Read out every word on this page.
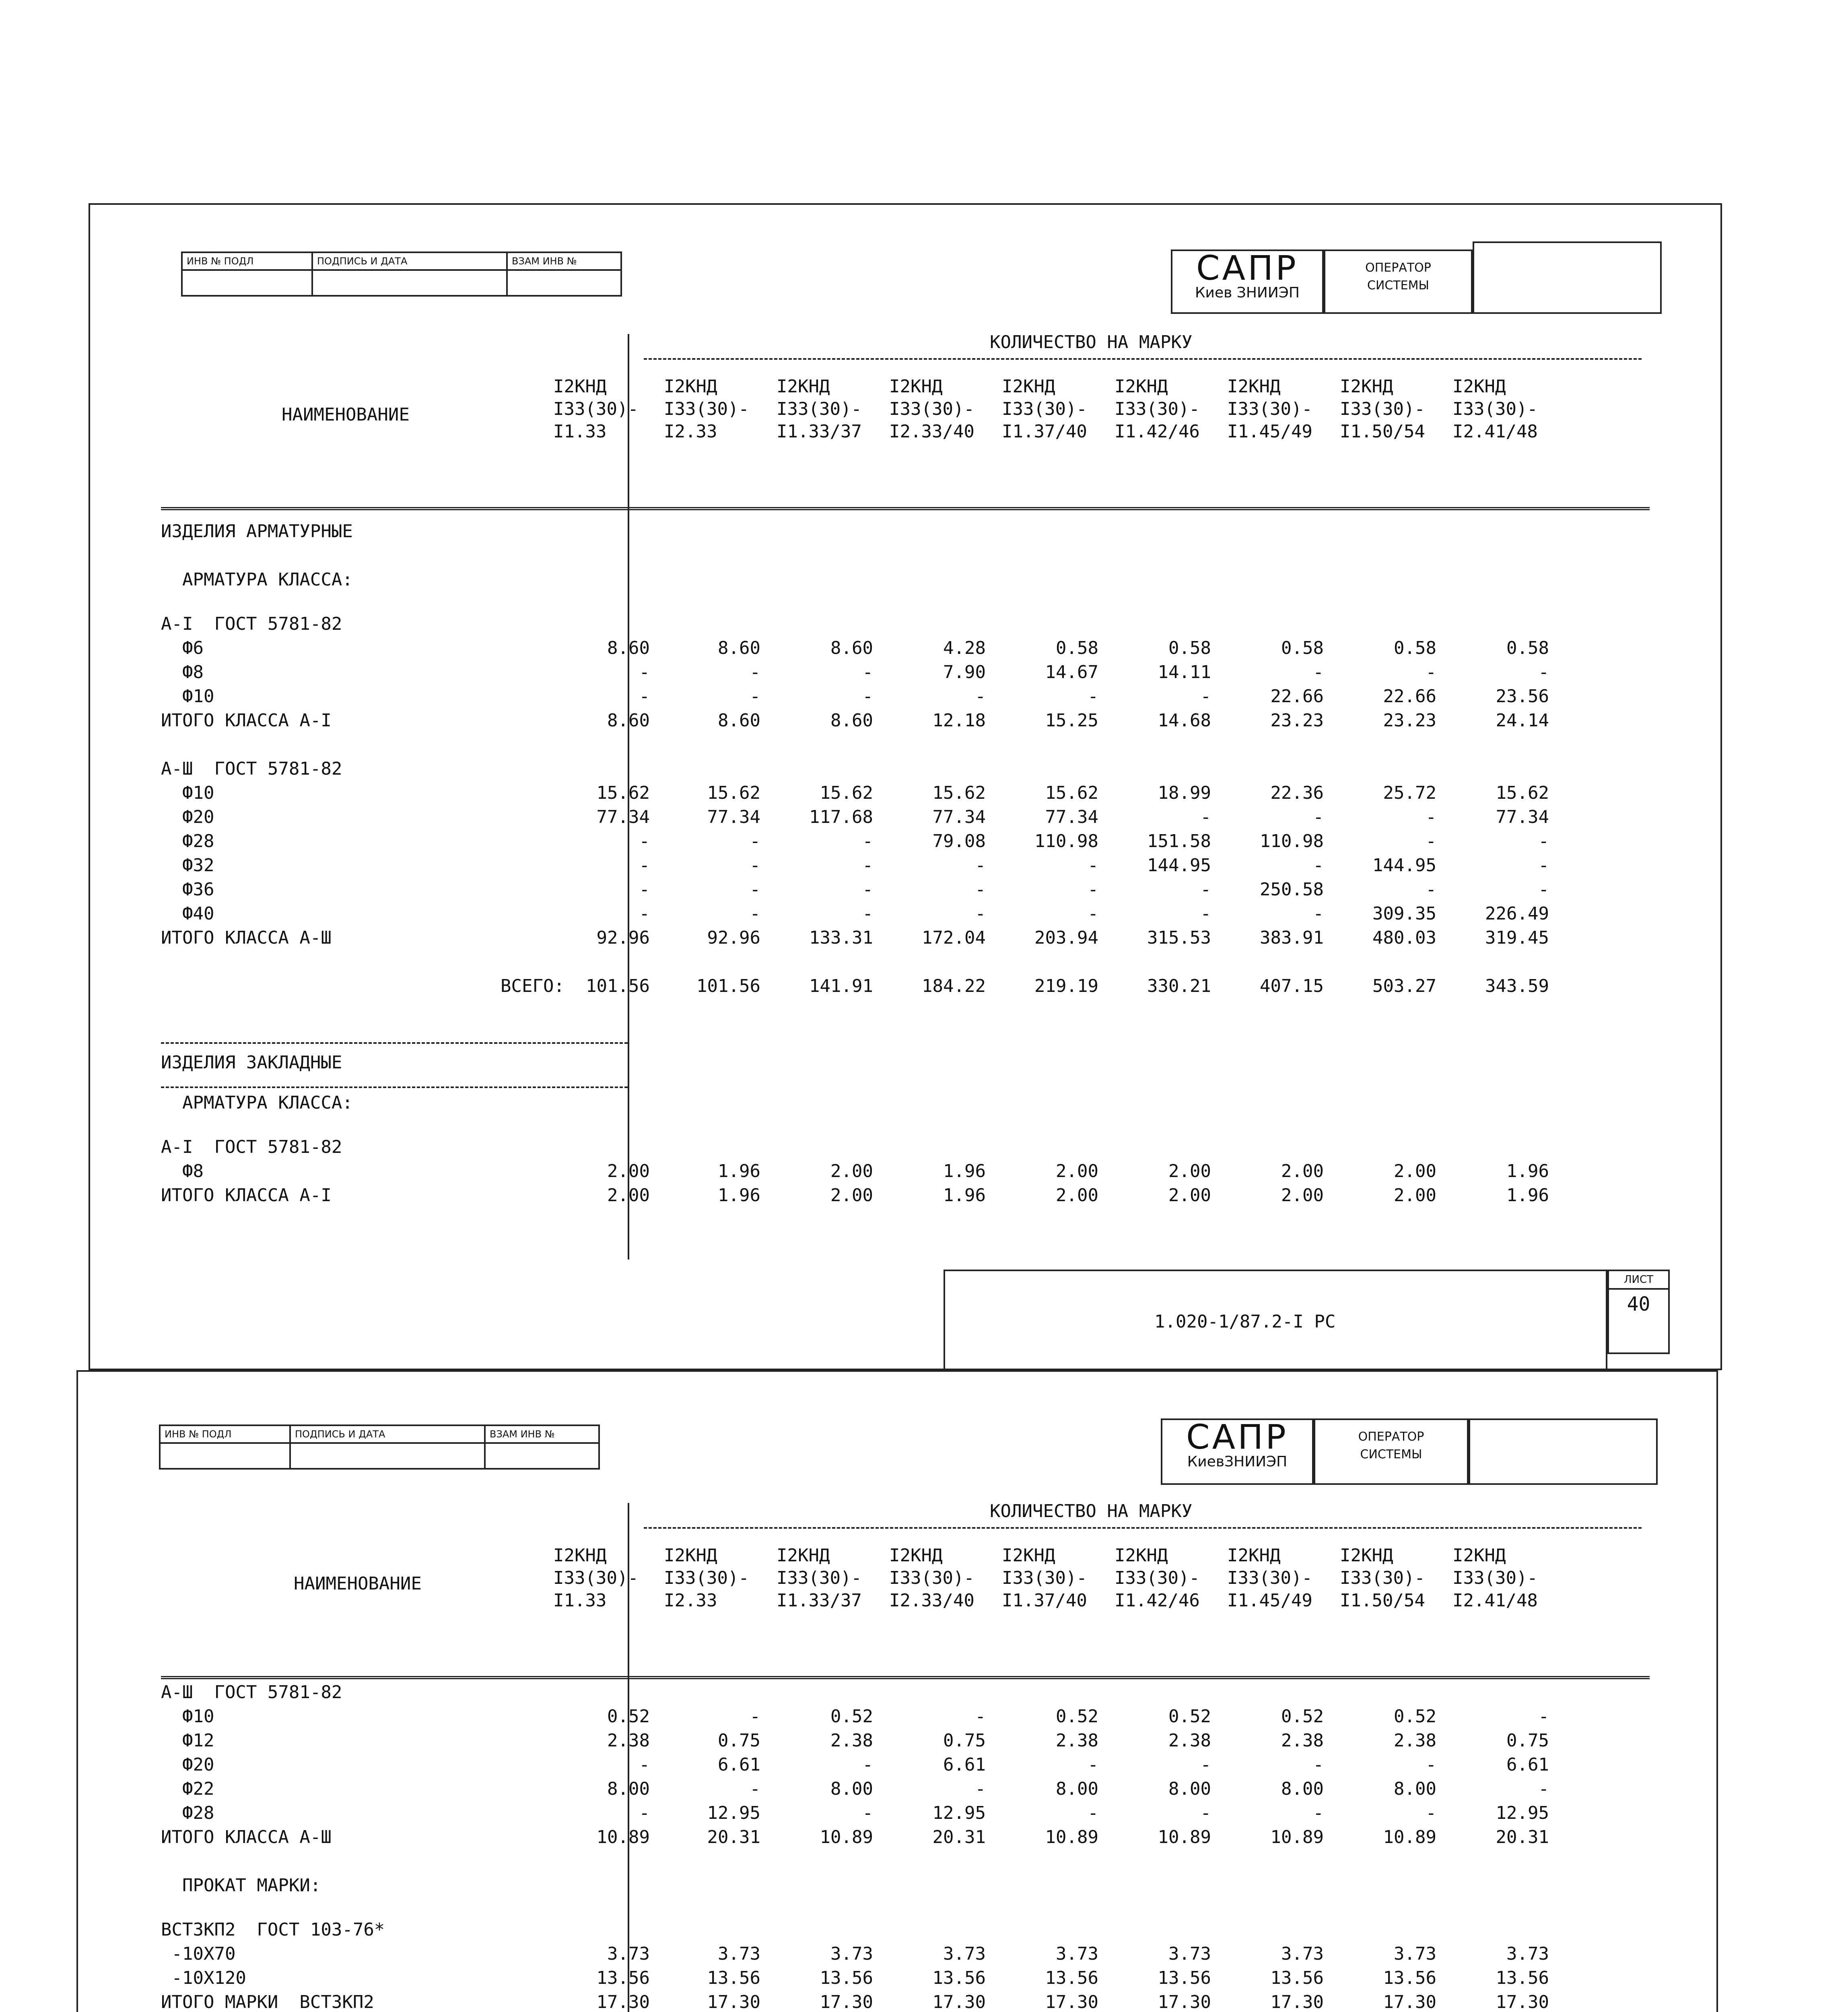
ИНВ № ПОДЛ	ПОДПИСЬ И ДАТА	ВЗАМ ИНВ №
			САПР
Киев ЗНИИЭП
ОПЕРАТОР
СИСТЕМЫ

КОЛИЧЕСТВО НА МАРКУ

НАИМЕНОВАНИЕ

I2КНД
I33(30)-
I1.33
I2КНД
I33(30)-
I2.33
I2КНД
I33(30)-
I1.33/37
I2КНД
I33(30)-
I2.33/40
I2КНД
I33(30)-
I1.37/40
I2КНД
I33(30)-
I1.42/46
I2КНД
I33(30)-
I1.45/49
I2КНД
I33(30)-
I1.50/54
I2КНД
I33(30)-
I2.41/48

ИЗДЕЛИЯ АРМАТУРНЫЕ
АРМАТУРА КЛАССА:
А-I  ГОСТ 5781-82
Ф6	8.60	8.60	8.60	4.28	0.58	0.58	0.58	0.58	0.58
Ф8	-	-	-	7.90	14.67	14.11	-	-	-
Ф10	-	-	-	-	-	-	22.66	22.66	23.56
ИТОГО КЛАССА А-I	8.60	8.60	8.60	12.18	15.25	14.68	23.23	23.23	24.14
А-Ш  ГОСТ 5781-82
Ф10	15.62	15.62	15.62	15.62	15.62	18.99	22.36	25.72	15.62
Ф20	77.34	77.34	117.68	77.34	77.34	-	-	-	77.34
Ф28	-	-	-	79.08	110.98	151.58	110.98	-	-
Ф32	-	-	-	-	-	144.95	-	144.95	-
Ф36	-	-	-	-	-	-	250.58	-	-
Ф40	-	-	-	-	-	-	-	309.35	226.49
ИТОГО КЛАССА А-Ш	92.96	92.96	133.31	172.04	203.94	315.53	383.91	480.03	319.45
ВСЕГО:	101.56	101.56	141.91	184.22	219.19	330.21	407.15	503.27	343.59
ИЗДЕЛИЯ ЗАКЛАДНЫЕ
АРМАТУРА КЛАССА:
А-I  ГОСТ 5781-82
Ф8	2.00	1.96	2.00	1.96	2.00	2.00	2.00	2.00	1.96
ИТОГО КЛАССА А-I	2.00	1.96	2.00	1.96	2.00	2.00	2.00	2.00	1.96

1.020-1/87.2-I РС
ЛИСТ
40
ИНВ № ПОДЛ	ПОДПИСЬ И ДАТА	ВЗАМ ИНВ №
			САПР
КиевЗНИИЭП
ОПЕРАТОР
СИСТЕМЫ

КОЛИЧЕСТВО НА МАРКУ

НАИМЕНОВАНИЕ

I2КНД
I33(30)-
I1.33
I2КНД
I33(30)-
I2.33
I2КНД
I33(30)-
I1.33/37
I2КНД
I33(30)-
I2.33/40
I2КНД
I33(30)-
I1.37/40
I2КНД
I33(30)-
I1.42/46
I2КНД
I33(30)-
I1.45/49
I2КНД
I33(30)-
I1.50/54
I2КНД
I33(30)-
I2.41/48

А-Ш  ГОСТ 5781-82
Ф10	0.52	-	0.52	-	0.52	0.52	0.52	0.52	-
Ф12	2.38	0.75	2.38	0.75	2.38	2.38	2.38	2.38	0.75
Ф20	-	6.61	-	6.61	-	-	-	-	6.61
Ф22	8.00	-	8.00	-	8.00	8.00	8.00	8.00	-
Ф28	-	12.95	-	12.95	-	-	-	-	12.95
ИТОГО КЛАССА А-Ш	10.89	20.31	10.89	20.31	10.89	10.89	10.89	10.89	20.31
ПРОКАТ МАРКИ:
ВСТ3КП2  ГОСТ 103-76*
-10Х70	3.73	3.73	3.73	3.73	3.73	3.73	3.73	3.73	3.73
-10Х120	13.56	13.56	13.56	13.56	13.56	13.56	13.56	13.56	13.56
ИТОГО МАРКИ  ВСТ3КП2	17.30	17.30	17.30	17.30	17.30	17.30	17.30	17.30	17.30
